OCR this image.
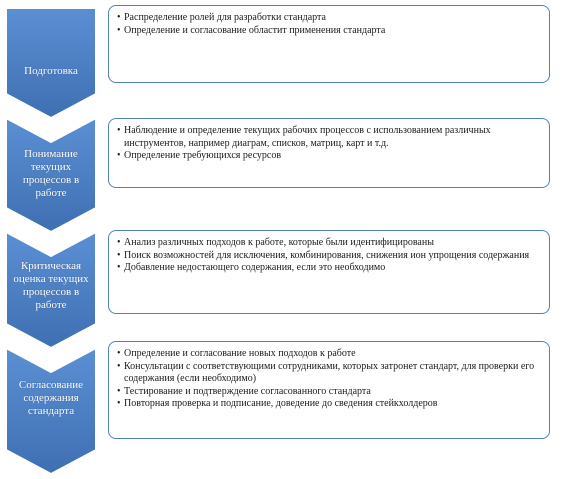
Подготовка
• Распределение ролей для разработки стандарта
• Определение и согласование областит применения стандарта
Понимание текущих процессов в работе
• Наблюдение и определение текущих рабочих процессов с использованием различных инструментов, например диаграм, списков, матриц, карт и т.д.
• Определение требующихся ресурсов
Критическая оценка текущих процессов в работе
• Анализ различных подходов к работе, которые были идентифицированы
• Поиск возможностей для исключения, комбинирования, снижения ион упрощения содержания
• Добавление недостающего содержания, если это необходимо
Согласование содержания стандарта
• Определение и согласование новых подходов к работе
• Консультации с соответствующими сотрудниками, которых затронет стандарт, для проверки его содержания (если необходимо)
• Тестирование и подтверждение согласованного стандарта
• Повторная проверка и подписание, доведение до сведения стейкхолдеров
